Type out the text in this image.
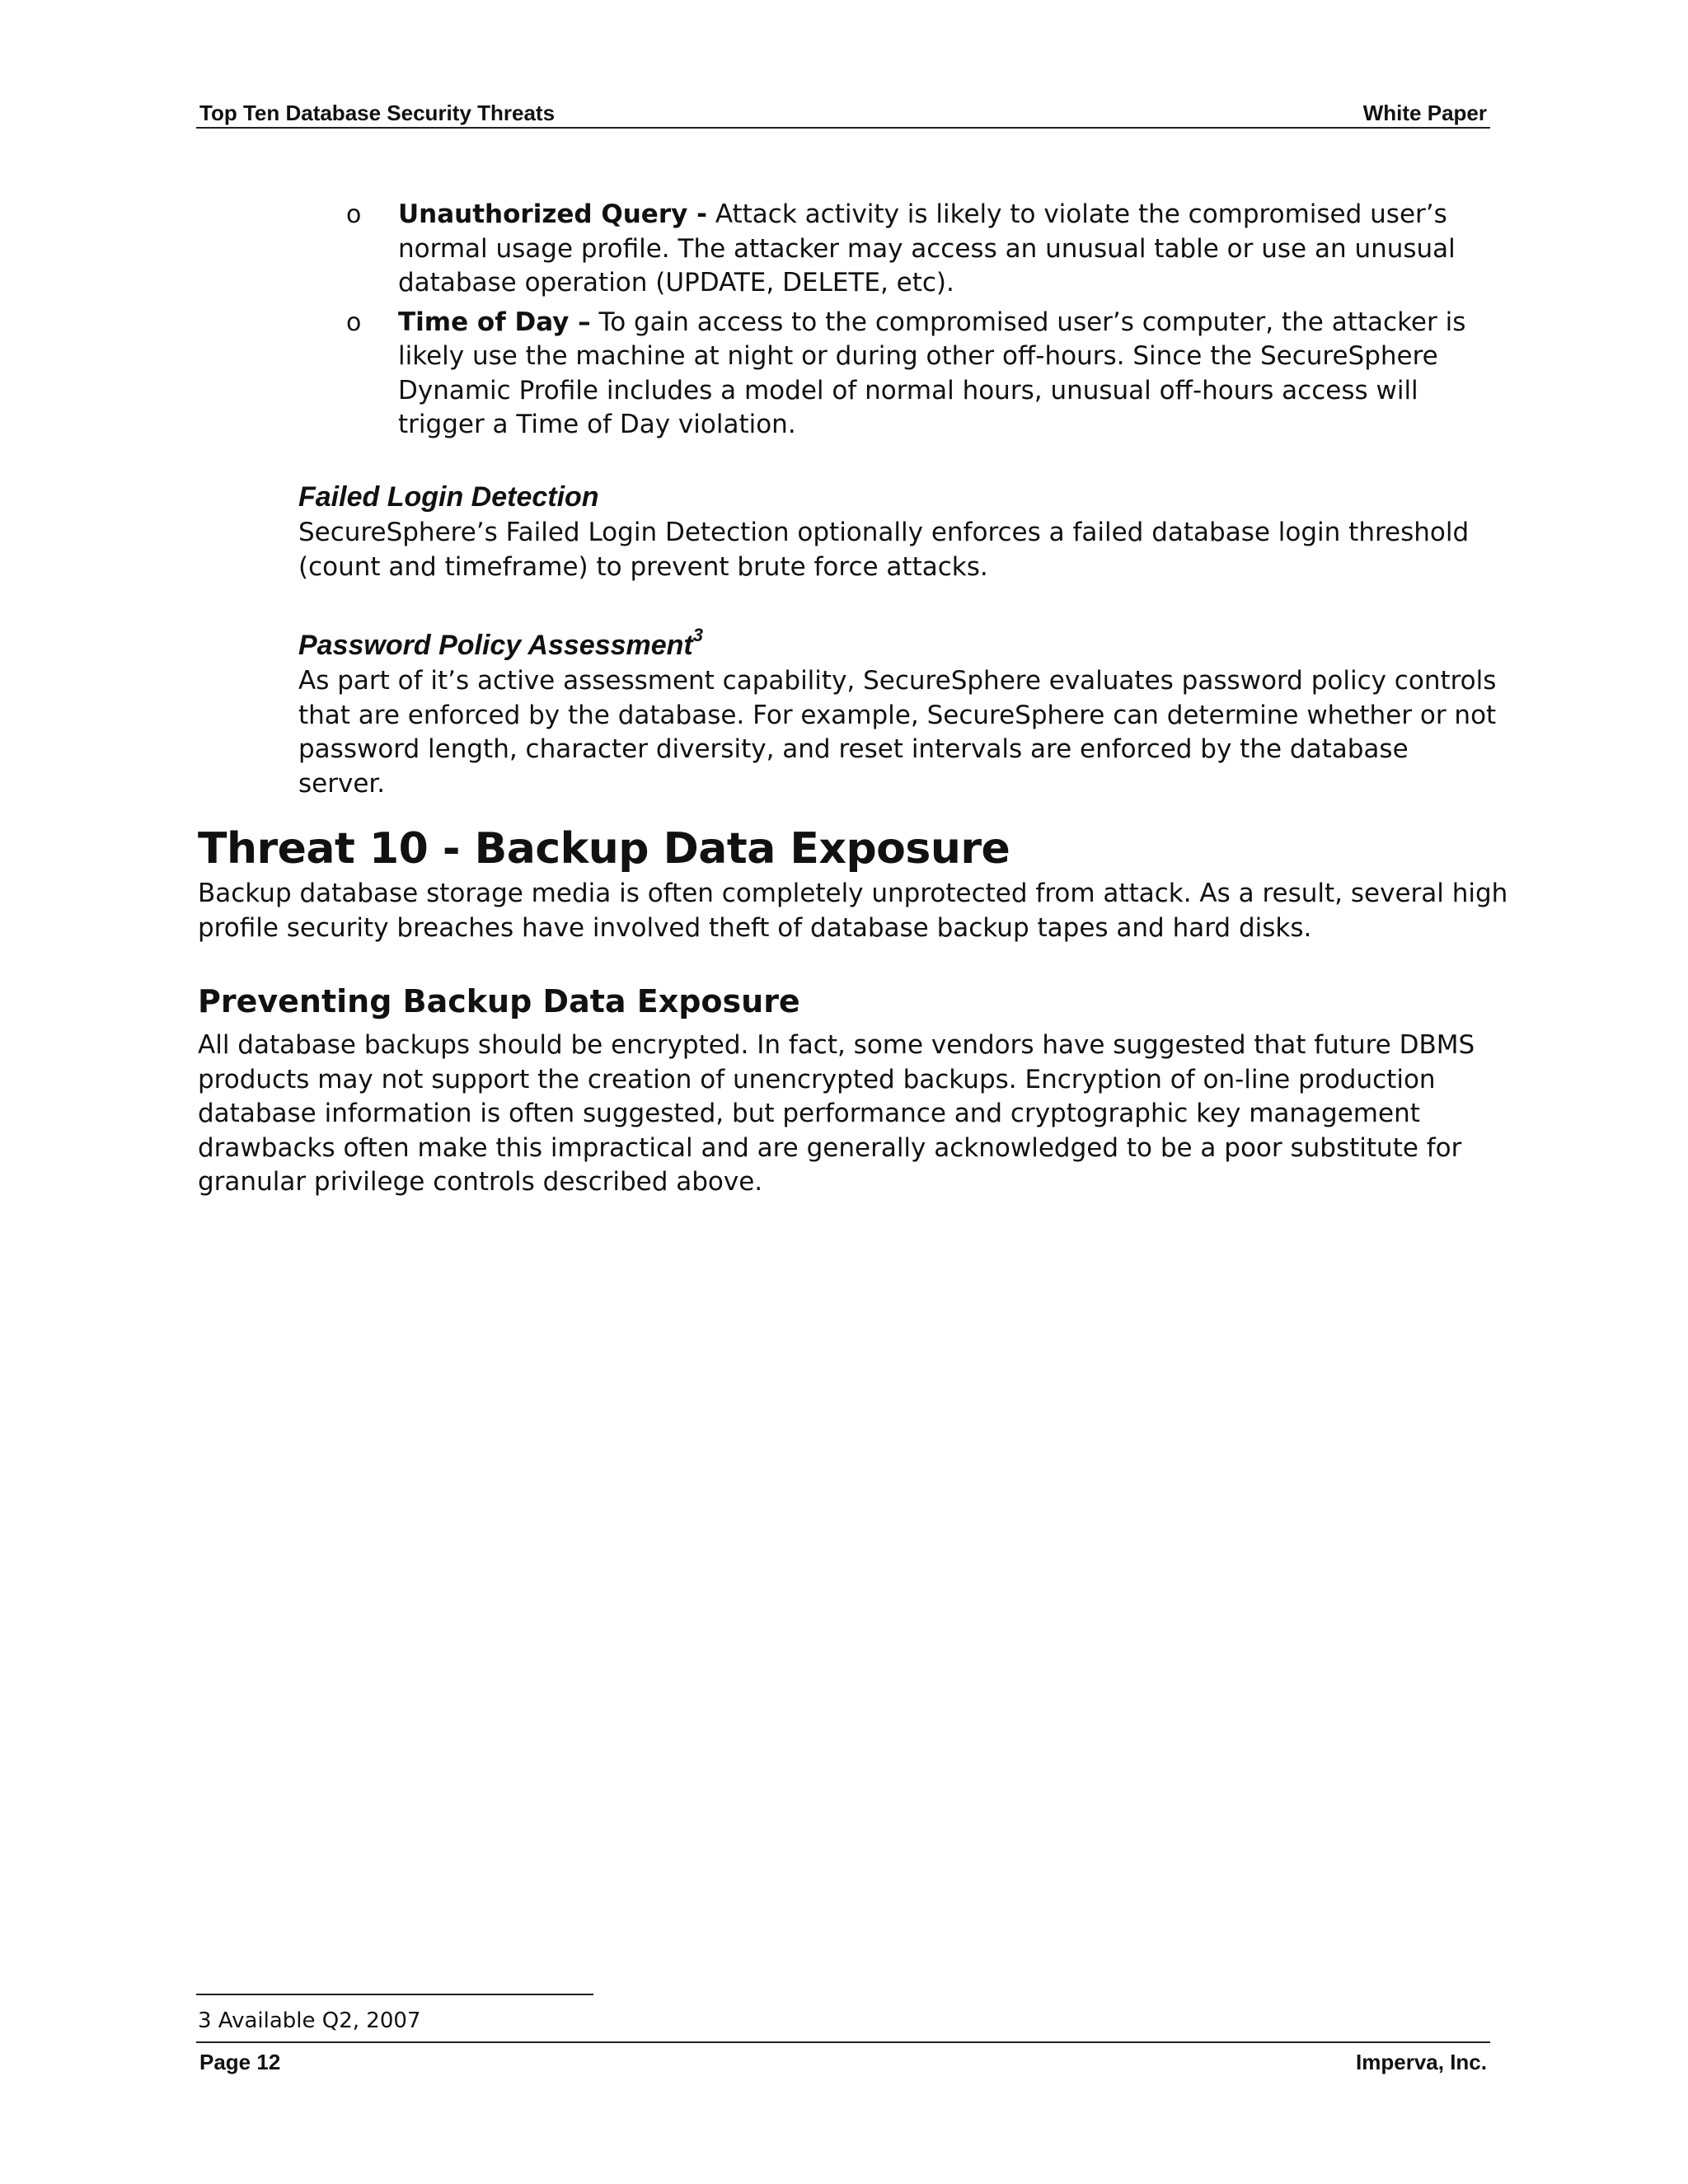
Top Ten Database Security Threats	White Paper
o Unauthorized Query - Attack activity is likely to violate the compromised user’s normal usage profile. The attacker may access an unusual table or use an unusual database operation (UPDATE, DELETE, etc).
o Time of Day – To gain access to the compromised user’s computer, the attacker is likely use the machine at night or during other off-hours. Since the SecureSphere Dynamic Profile includes a model of normal hours, unusual off-hours access will trigger a Time of Day violation.
Failed Login Detection

SecureSphere’s Failed Login Detection optionally enforces a failed database login threshold (count and timeframe) to prevent brute force attacks.

Password Policy Assessment$^3$

As part of it’s active assessment capability, SecureSphere evaluates password policy controls that are enforced by the database. For example, SecureSphere can determine whether or not password length, character diversity, and reset intervals are enforced by the database server.

Threat 10 - Backup Data Exposure

Backup database storage media is often completely unprotected from attack. As a result, several high profile security breaches have involved theft of database backup tapes and hard disks.

Preventing Backup Data Exposure

All database backups should be encrypted. In fact, some vendors have suggested that future DBMS products may not support the creation of unencrypted backups. Encryption of on-line production database information is often suggested, but performance and cryptographic key management drawbacks often make this impractical and are generally acknowledged to be a poor substitute for granular privilege controls described above.

3 Available Q2, 2007
Page 12	Imperva, Inc.
